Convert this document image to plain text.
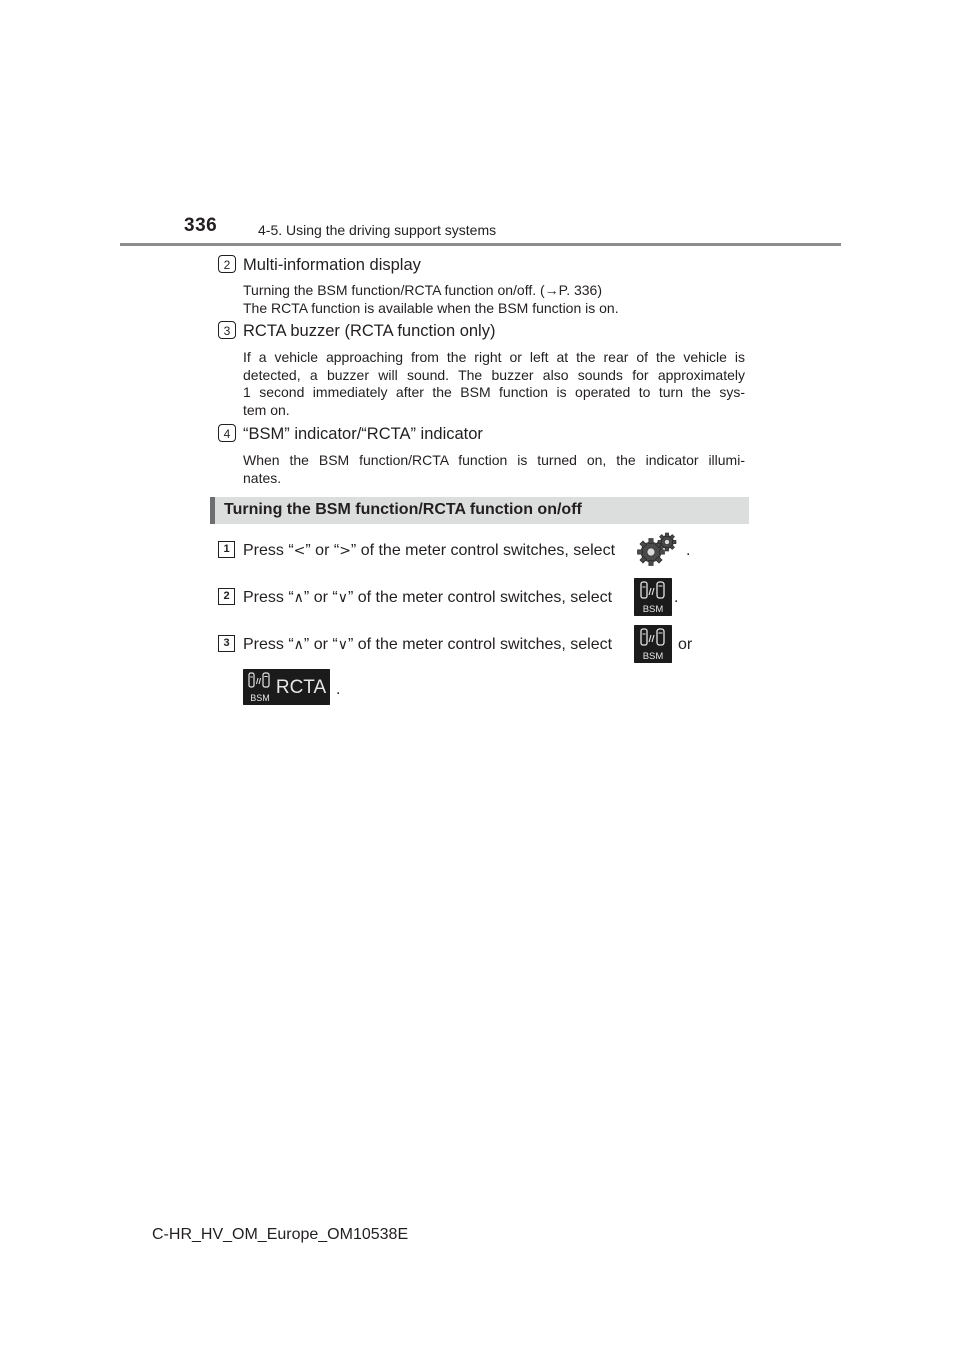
336	4-5. Using the driving support systems
2 Multi-information display
Turning the BSM function/RCTA function on/off. (→P. 336)
The RCTA function is available when the BSM function is on.
3 RCTA buzzer (RCTA function only)
If a vehicle approaching from the right or left at the rear of the vehicle is
detected, a buzzer will sound. The buzzer also sounds for approximately
1 second immediately after the BSM function is operated to turn the sys-
tem on.
4 “BSM” indicator/“RCTA” indicator
When the BSM function/RCTA function is turned on, the indicator illumi-
nates.
Turning the BSM function/RCTA function on/off
1 Press “<” or “>” of the meter control switches, select	.
2 Press “∧” or “∨” of the meter control switches, select
BSM
.
3 Press “∧” or “∨” of the meter control switches, select
BSM
or
BSM RCTA .
C-HR_HV_OM_Europe_OM10538E
